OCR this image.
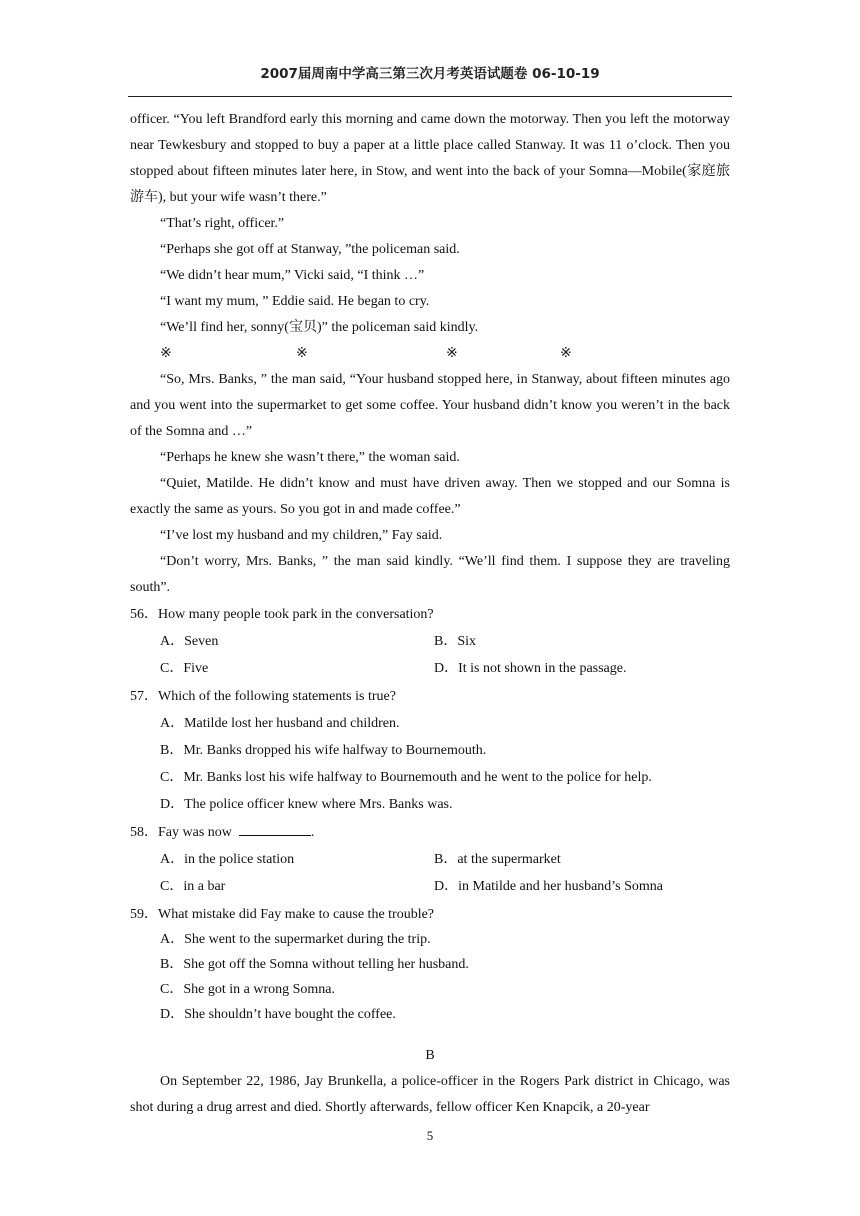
2007届周南中学高三第三次月考英语试题卷 06-10-19

officer. “You left Brandford early this morning and came down the motorway. Then you left the motorway near Tewkesbury and stopped to buy a paper at a little place called Stanway. It was 11 o’clock. Then you stopped about fifteen minutes later here, in Stow, and went into the back of your Somna—Mobile(家庭旅游车), but your wife wasn’t there.”

“That’s right, officer.”

“Perhaps she got off at Stanway, ”the policeman said.

“We didn’t hear mum,” Vicki said, “I think …”

“I want my mum, ” Eddie said. He began to cry.

“We’ll find her, sonny(宝贝)” the policeman said kindly.

※	※	※	※

“So, Mrs. Banks, ” the man said, “Your husband stopped here, in Stanway, about fifteen minutes ago and you went into the supermarket to get some coffee. Your husband didn’t know you weren’t in the back of the Somna and …”

“Perhaps he knew she wasn’t there,” the woman said.

“Quiet, Matilde. He didn’t know and must have driven away. Then we stopped and our Somna is exactly the same as yours. So you got in and made coffee.”

“I’ve lost my husband and my children,” Fay said.

“Don’t worry, Mrs. Banks, ” the man said kindly. “We’ll find them. I suppose they are traveling south”.

56．How many people took park in the conversation?

A．Seven	B．Six
C．Five	D．It is not shown in the passage.

57．Which of the following statements is true?

A．Matilde lost her husband and children.
B．Mr. Banks dropped his wife halfway to Bournemouth.
C．Mr. Banks lost his wife halfway to Bournemouth and he went to the police for help.
D．The police officer knew where Mrs. Banks was.

58．Fay was now	.

A．in the police station	B．at the supermarket
C．in a bar	D．in Matilde and her husband’s Somna

59．What mistake did Fay make to cause the trouble?

A．She went to the supermarket during the trip.
B．She got off the Somna without telling her husband.
C．She got in a wrong Somna.
D．She shouldn’t have bought the coffee.
B

On September 22, 1986, Jay Brunkella, a police-officer in the Rogers Park district in Chicago, was shot during a drug arrest and died. Shortly afterwards, fellow officer Ken Knapcik, a 20-year

5
